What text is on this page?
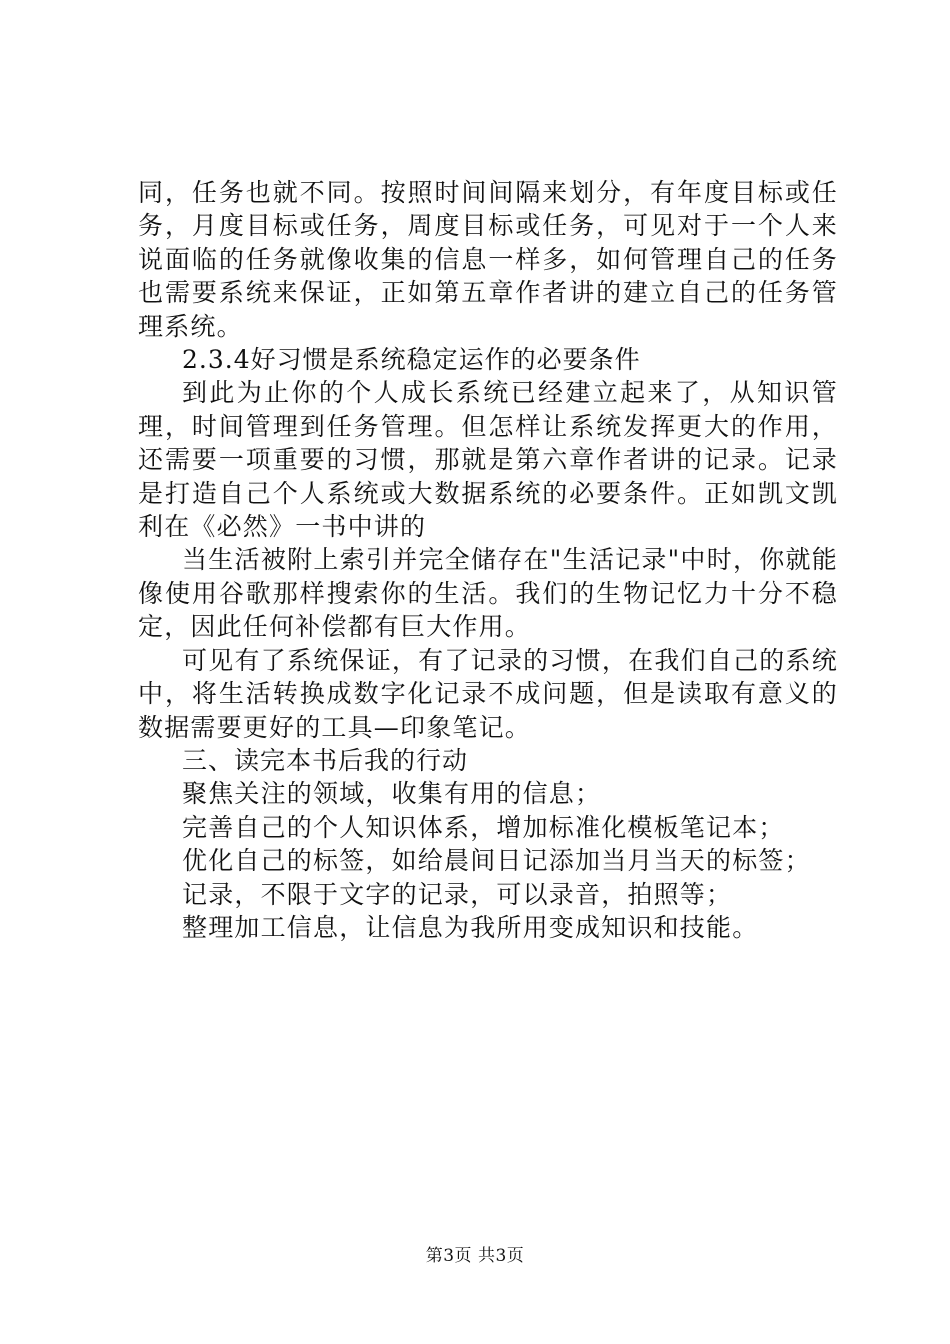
同，任务也就不同。按照时间间隔来划分，有年度目标或任务，月度目标或任务，周度目标或任务，可见对于一个人来说面临的任务就像收集的信息一样多，如何管理自己的任务也需要系统来保证，正如第五章作者讲的建立自己的任务管理系统。

2.3.4好习惯是系统稳定运作的必要条件

到此为止你的个人成长系统已经建立起来了，从知识管理，时间管理到任务管理。但怎样让系统发挥更大的作用，还需要一项重要的习惯，那就是第六章作者讲的记录。记录是打造自己个人系统或大数据系统的必要条件。正如凯文凯利在《必然》一书中讲的

当生活被附上索引并完全储存在"生活记录"中时，你就能像使用谷歌那样搜索你的生活。我们的生物记忆力十分不稳定，因此任何补偿都有巨大作用。

可见有了系统保证，有了记录的习惯，在我们自己的系统中，将生活转换成数字化记录不成问题，但是读取有意义的数据需要更好的工具—印象笔记。

三、读完本书后我的行动

聚焦关注的领域，收集有用的信息；

完善自己的个人知识体系，增加标准化模板笔记本；

优化自己的标签，如给晨间日记添加当月当天的标签；

记录，不限于文字的记录，可以录音，拍照等；

整理加工信息，让信息为我所用变成知识和技能。

第3页 共3页
